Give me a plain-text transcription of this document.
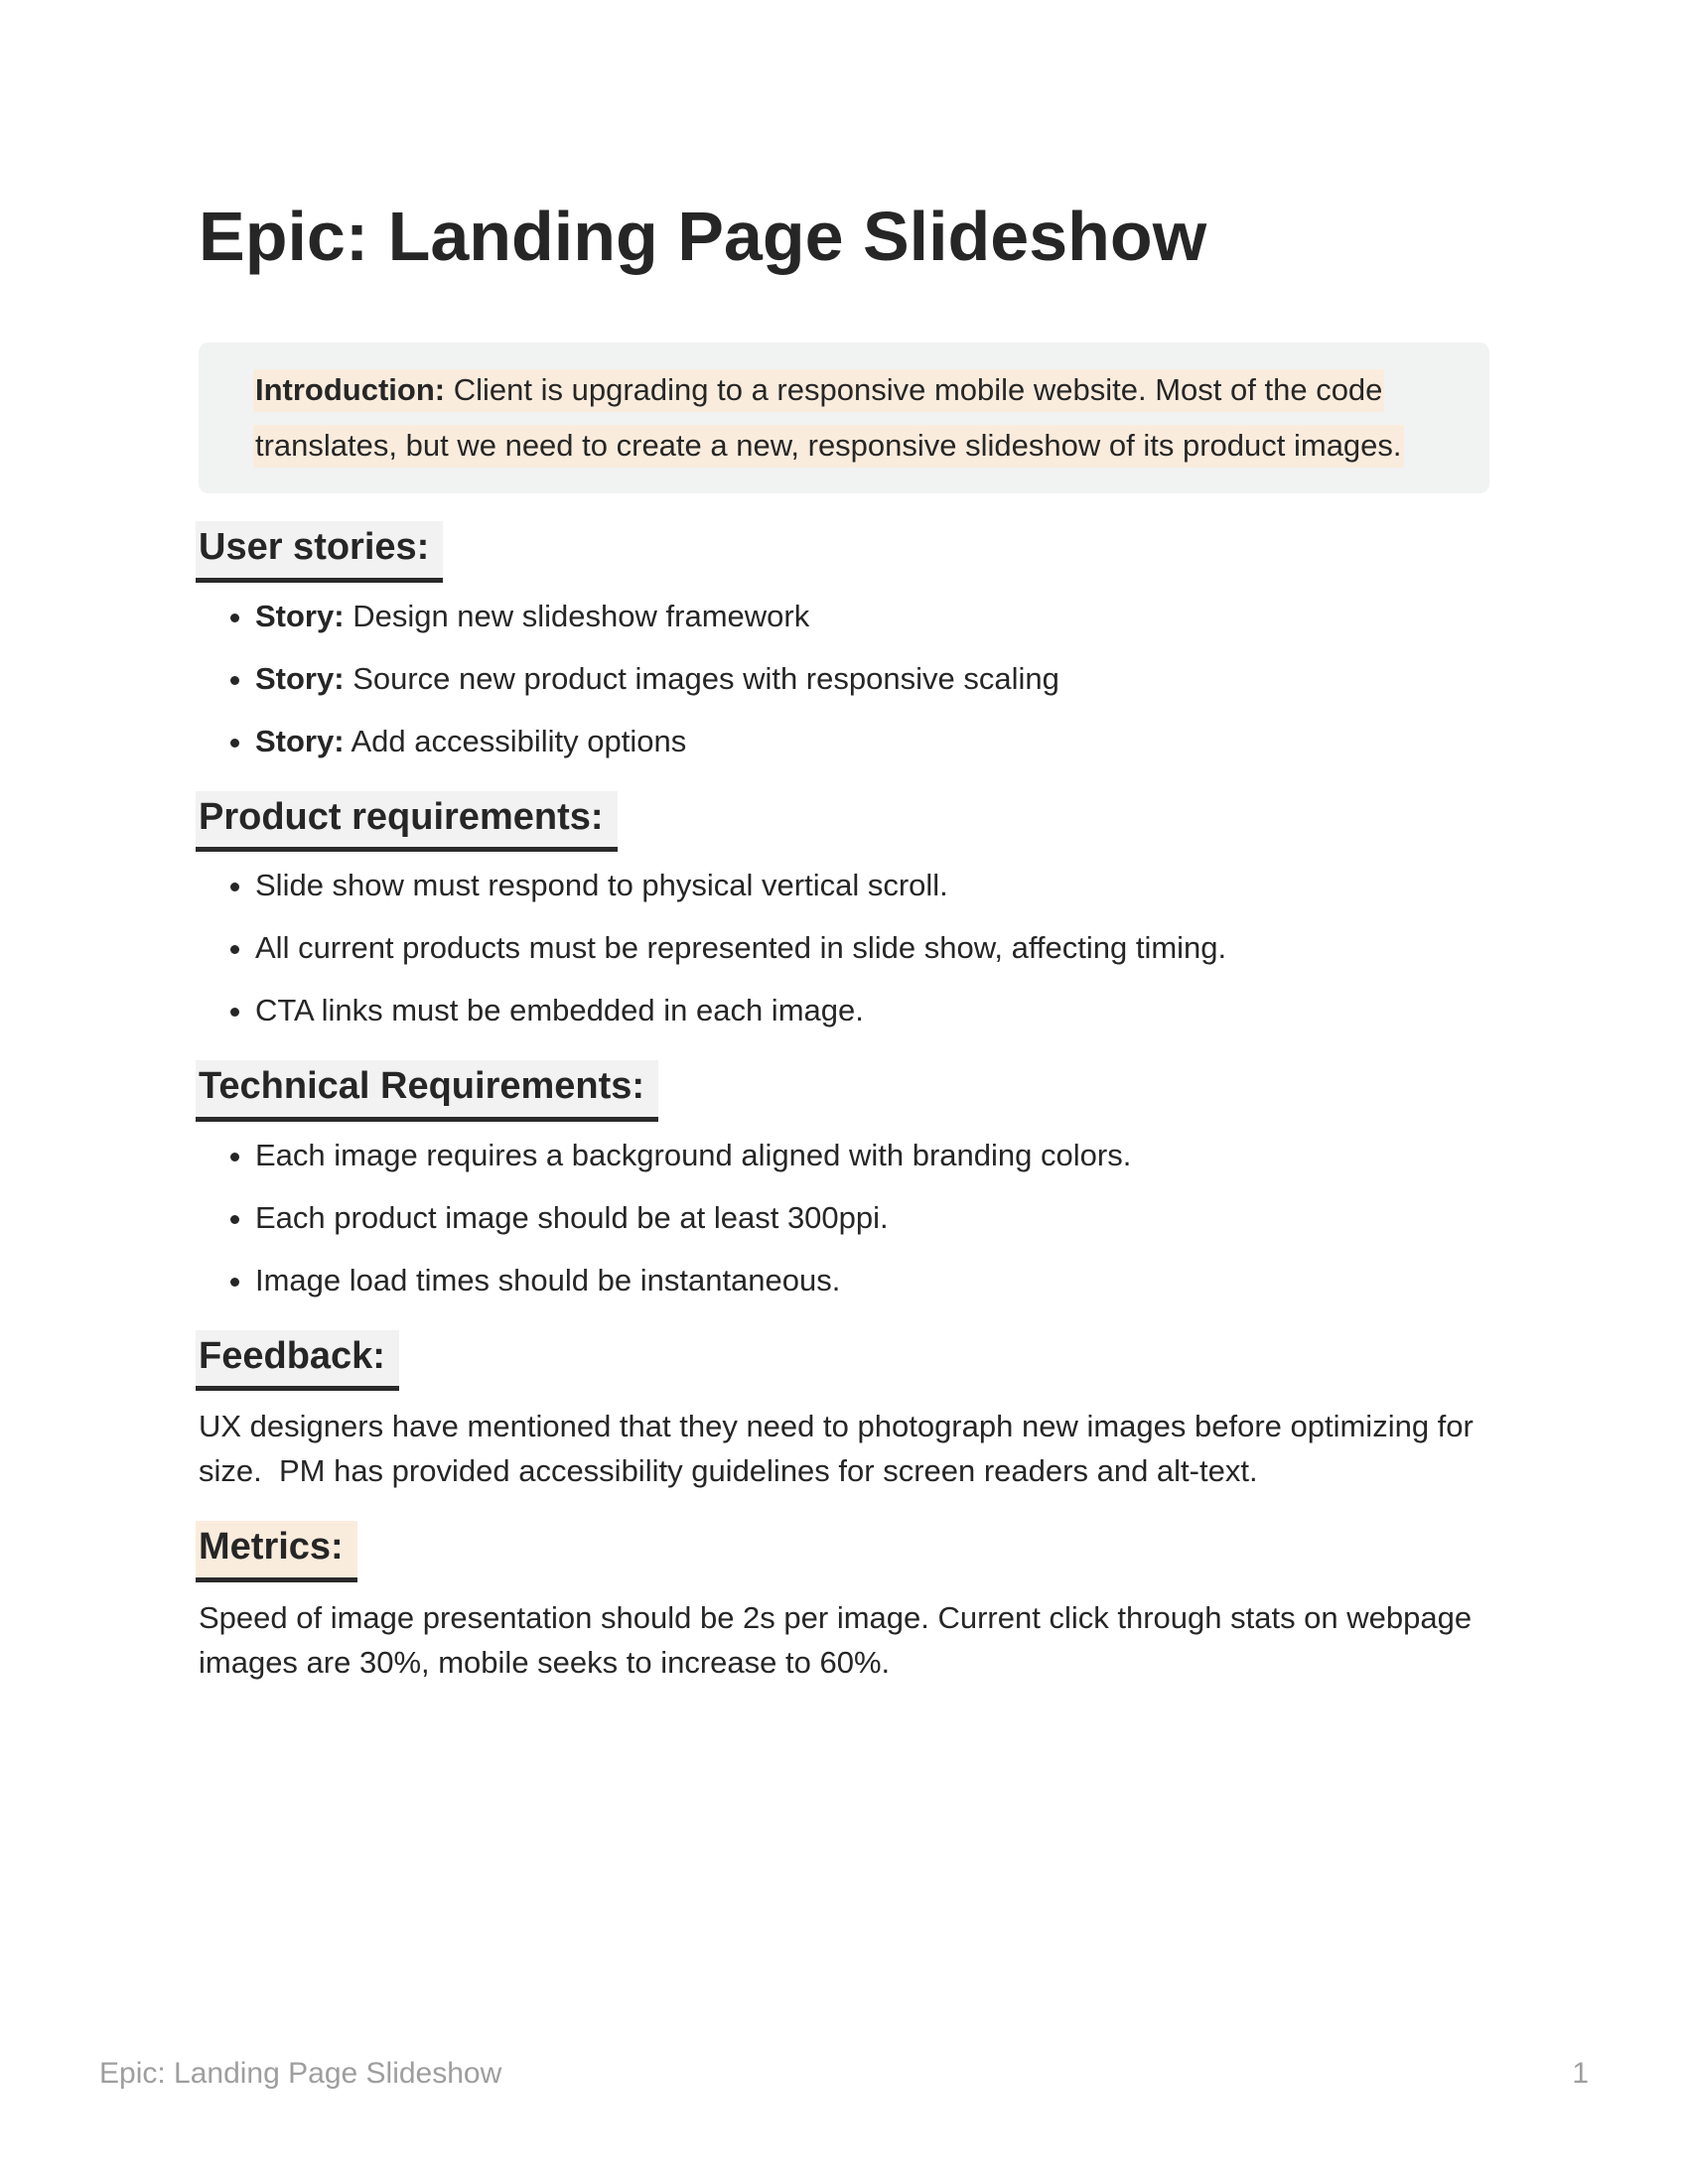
Epic: Landing Page Slideshow
Introduction: Client is upgrading to a responsive mobile website. Most of the code translates, but we need to create a new, responsive slideshow of its product images.
User stories:
• Story: Design new slideshow framework
• Story: Source new product images with responsive scaling
• Story: Add accessibility options
Product requirements:
• Slide show must respond to physical vertical scroll.
• All current products must be represented in slide show, affecting timing.
• CTA links must be embedded in each image.
Technical Requirements:
• Each image requires a background aligned with branding colors.
• Each product image should be at least 300ppi.
• Image load times should be instantaneous.
Feedback:

UX designers have mentioned that they need to photograph new images before optimizing for size.  PM has provided accessibility guidelines for screen readers and alt-text.

Metrics:

Speed of image presentation should be 2s per image. Current click through stats on webpage images are 30%, mobile seeks to increase to 60%.

Epic: Landing Page Slideshow	1
